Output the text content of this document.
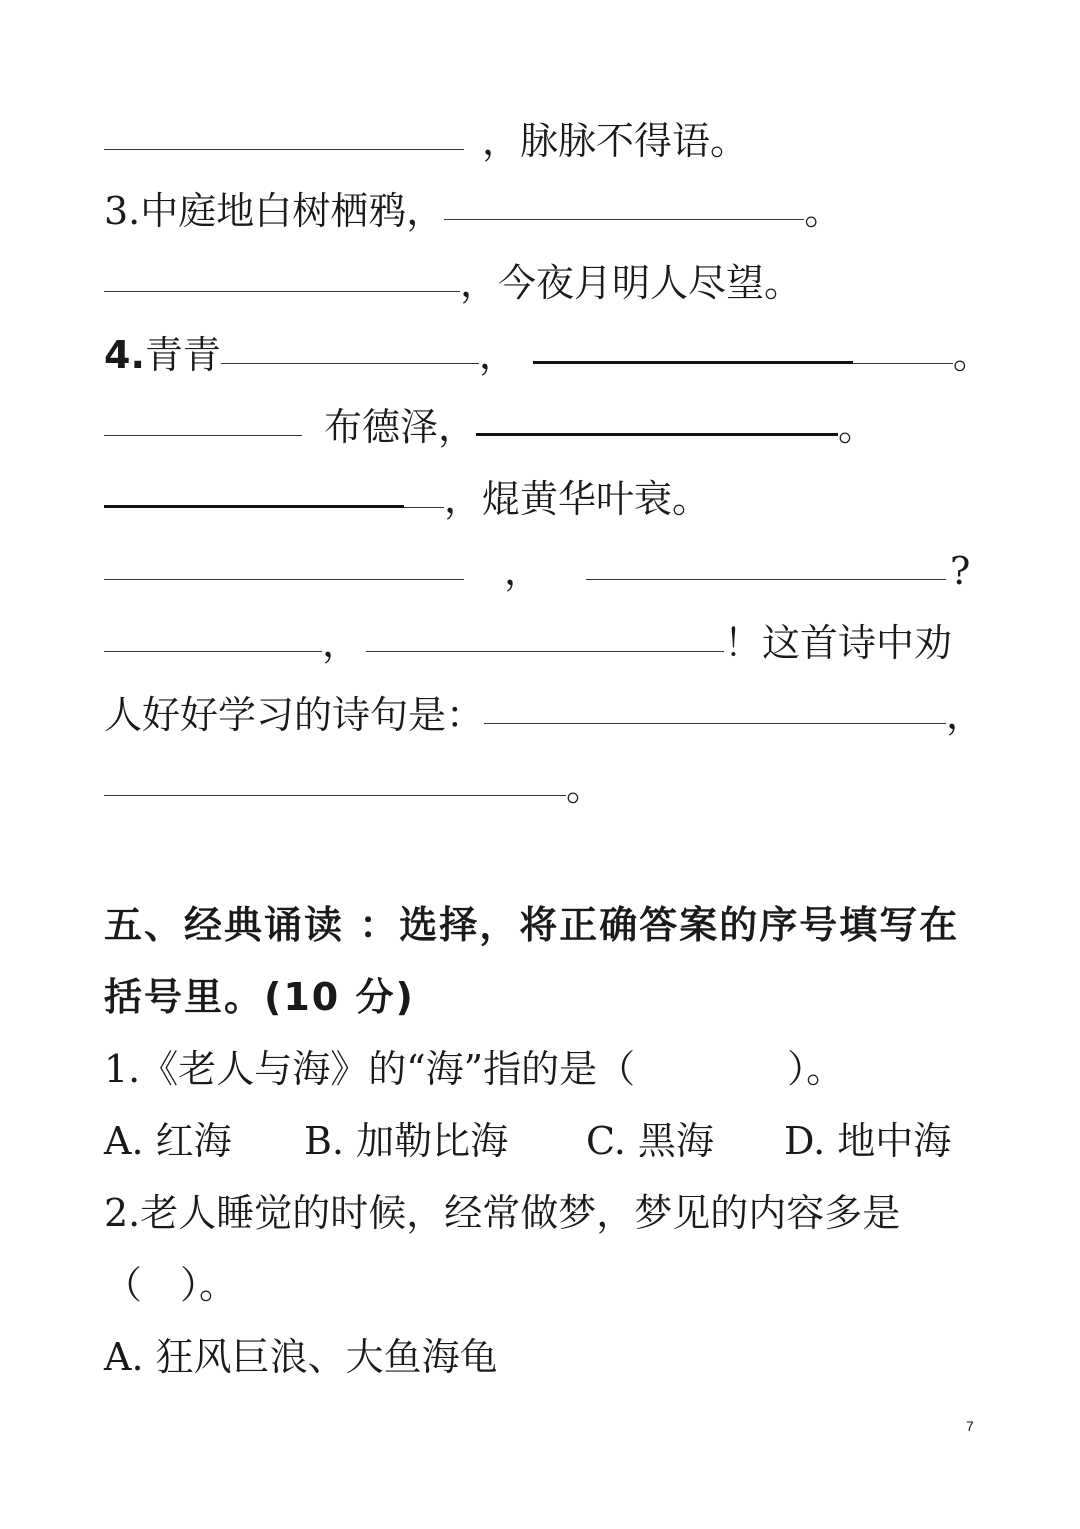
，脉脉不得语。
3.中庭地白树栖鸦，	。
，今夜月明人尽望。
4. 青青	，	。
布德泽，	。
，焜黄华叶衰。
，	?
，	！这首诗中劝
人好好学习的诗句是：	，
。
五、经典诵读 ：选择，将正确答案的序号填写在
括号里。(10 分)
1.《老人与海》的“海”指的是（　　　　）。
A. 红海	B. 加勒比海	C. 黑海	D. 地中海
2.老人睡觉的时候，经常做梦，梦见的内容多是
（　）。
A. 狂风巨浪、大鱼海龟
7
